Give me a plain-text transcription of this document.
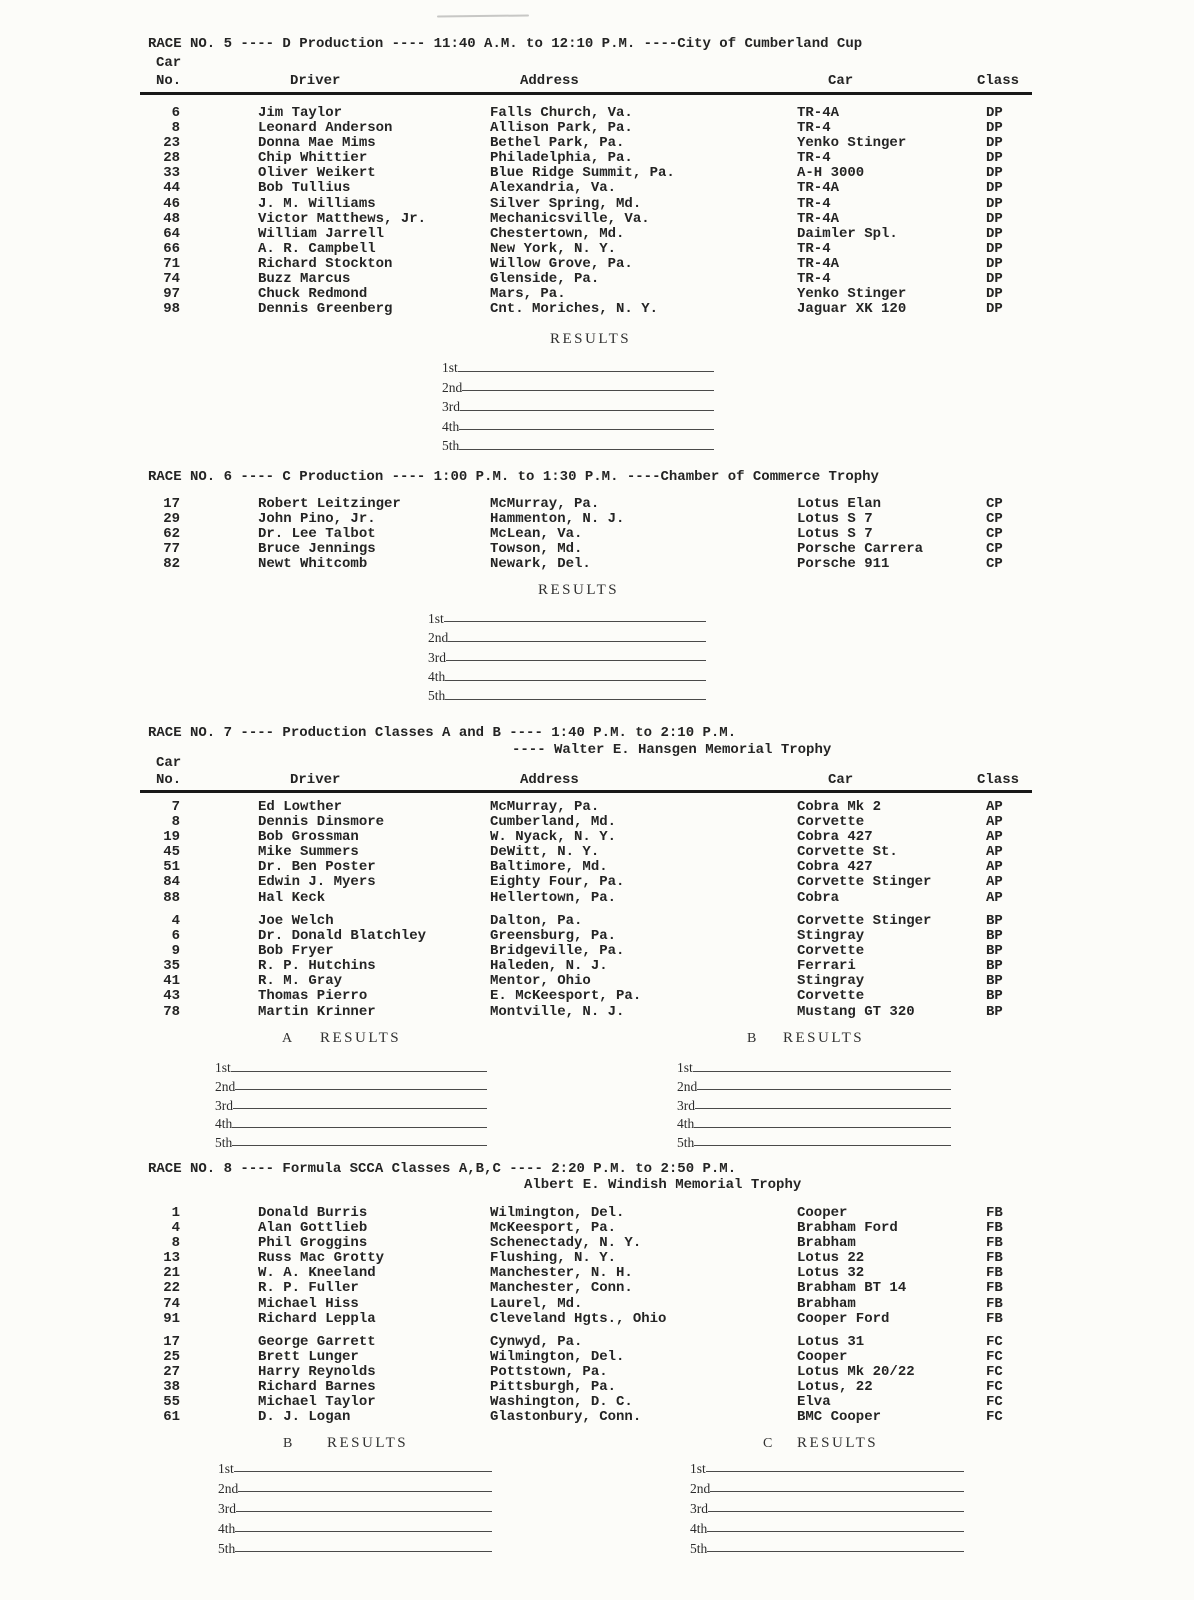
RACE NO. 5 ---- D Production ---- 11:40 A.M. to 12:10 P.M. ----City of Cumberland Cup
Car
No.	Driver	Address	Car	Class
6	Jim Taylor	Falls Church, Va.	TR-4A	DP
8	Leonard Anderson	Allison Park, Pa.	TR-4	DP
23	Donna Mae Mims	Bethel Park, Pa.	Yenko Stinger	DP
28	Chip Whittier	Philadelphia, Pa.	TR-4	DP
33	Oliver Weikert	Blue Ridge Summit, Pa.	A-H 3000	DP
44	Bob Tullius	Alexandria, Va.	TR-4A	DP
46	J. M. Williams	Silver Spring, Md.	TR-4	DP
48	Victor Matthews, Jr.	Mechanicsville, Va.	TR-4A	DP
64	William Jarrell	Chestertown, Md.	Daimler Spl.	DP
66	A. R. Campbell	New York, N. Y.	TR-4	DP
71	Richard Stockton	Willow Grove, Pa.	TR-4A	DP
74	Buzz Marcus	Glenside, Pa.	TR-4	DP
97	Chuck Redmond	Mars, Pa.	Yenko Stinger	DP
98	Dennis Greenberg	Cnt. Moriches, N. Y.	Jaguar XK 120	DP
RESULTS
1st
2nd
3rd
4th
5th
RACE NO. 6 ---- C Production ---- 1:00 P.M. to 1:30 P.M. ----Chamber of Commerce Trophy
17	Robert Leitzinger	McMurray, Pa.	Lotus Elan	CP
29	John Pino, Jr.	Hammenton, N. J.	Lotus S 7	CP
62	Dr. Lee Talbot	McLean, Va.	Lotus S 7	CP
77	Bruce Jennings	Towson, Md.	Porsche Carrera	CP
82	Newt Whitcomb	Newark, Del.	Porsche 911	CP
RESULTS
1st
2nd
3rd
4th
5th
RACE NO. 7 ---- Production Classes A and B ---- 1:40 P.M. to 2:10 P.M.
---- Walter E. Hansgen Memorial Trophy
Car
No.	Driver	Address	Car	Class
7	Ed Lowther	McMurray, Pa.	Cobra Mk 2	AP
8	Dennis Dinsmore	Cumberland, Md.	Corvette	AP
19	Bob Grossman	W. Nyack, N. Y.	Cobra 427	AP
45	Mike Summers	DeWitt, N. Y.	Corvette St.	AP
51	Dr. Ben Poster	Baltimore, Md.	Cobra 427	AP
84	Edwin J. Myers	Eighty Four, Pa.	Corvette Stinger	AP
88	Hal Keck	Hellertown, Pa.	Cobra	AP
4	Joe Welch	Dalton, Pa.	Corvette Stinger	BP
6	Dr. Donald Blatchley	Greensburg, Pa.	Stingray	BP
9	Bob Fryer	Bridgeville, Pa.	Corvette	BP
35	R. P. Hutchins	Haleden, N. J.	Ferrari	BP
41	R. M. Gray	Mentor, Ohio	Stingray	BP
43	Thomas Pierro	E. McKeesport, Pa.	Corvette	BP
78	Martin Krinner	Montville, N. J.	Mustang GT 320	BP
A RESULTS
1st
2nd
3rd
4th
5th
B RESULTS
1st
2nd
3rd
4th
5th
RACE NO. 8 ---- Formula SCCA Classes A,B,C ---- 2:20 P.M. to 2:50 P.M.
Albert E. Windish Memorial Trophy
1	Donald Burris	Wilmington, Del.	Cooper	FB
4	Alan Gottlieb	McKeesport, Pa.	Brabham Ford	FB
8	Phil Groggins	Schenectady, N. Y.	Brabham	FB
13	Russ Mac Grotty	Flushing, N. Y.	Lotus 22	FB
21	W. A. Kneeland	Manchester, N. H.	Lotus 32	FB
22	R. P. Fuller	Manchester, Conn.	Brabham BT 14	FB
74	Michael Hiss	Laurel, Md.	Brabham	FB
91	Richard Leppla	Cleveland Hgts., Ohio	Cooper Ford	FB
17	George Garrett	Cynwyd, Pa.	Lotus 31	FC
25	Brett Lunger	Wilmington, Del.	Cooper	FC
27	Harry Reynolds	Pottstown, Pa.	Lotus Mk 20/22	FC
38	Richard Barnes	Pittsburgh, Pa.	Lotus, 22	FC
55	Michael Taylor	Washington, D. C.	Elva	FC
61	D. J. Logan	Glastonbury, Conn.	BMC Cooper	FC
B RESULTS
1st
2nd
3rd
4th
5th
C RESULTS
1st
2nd
3rd
4th
5th
